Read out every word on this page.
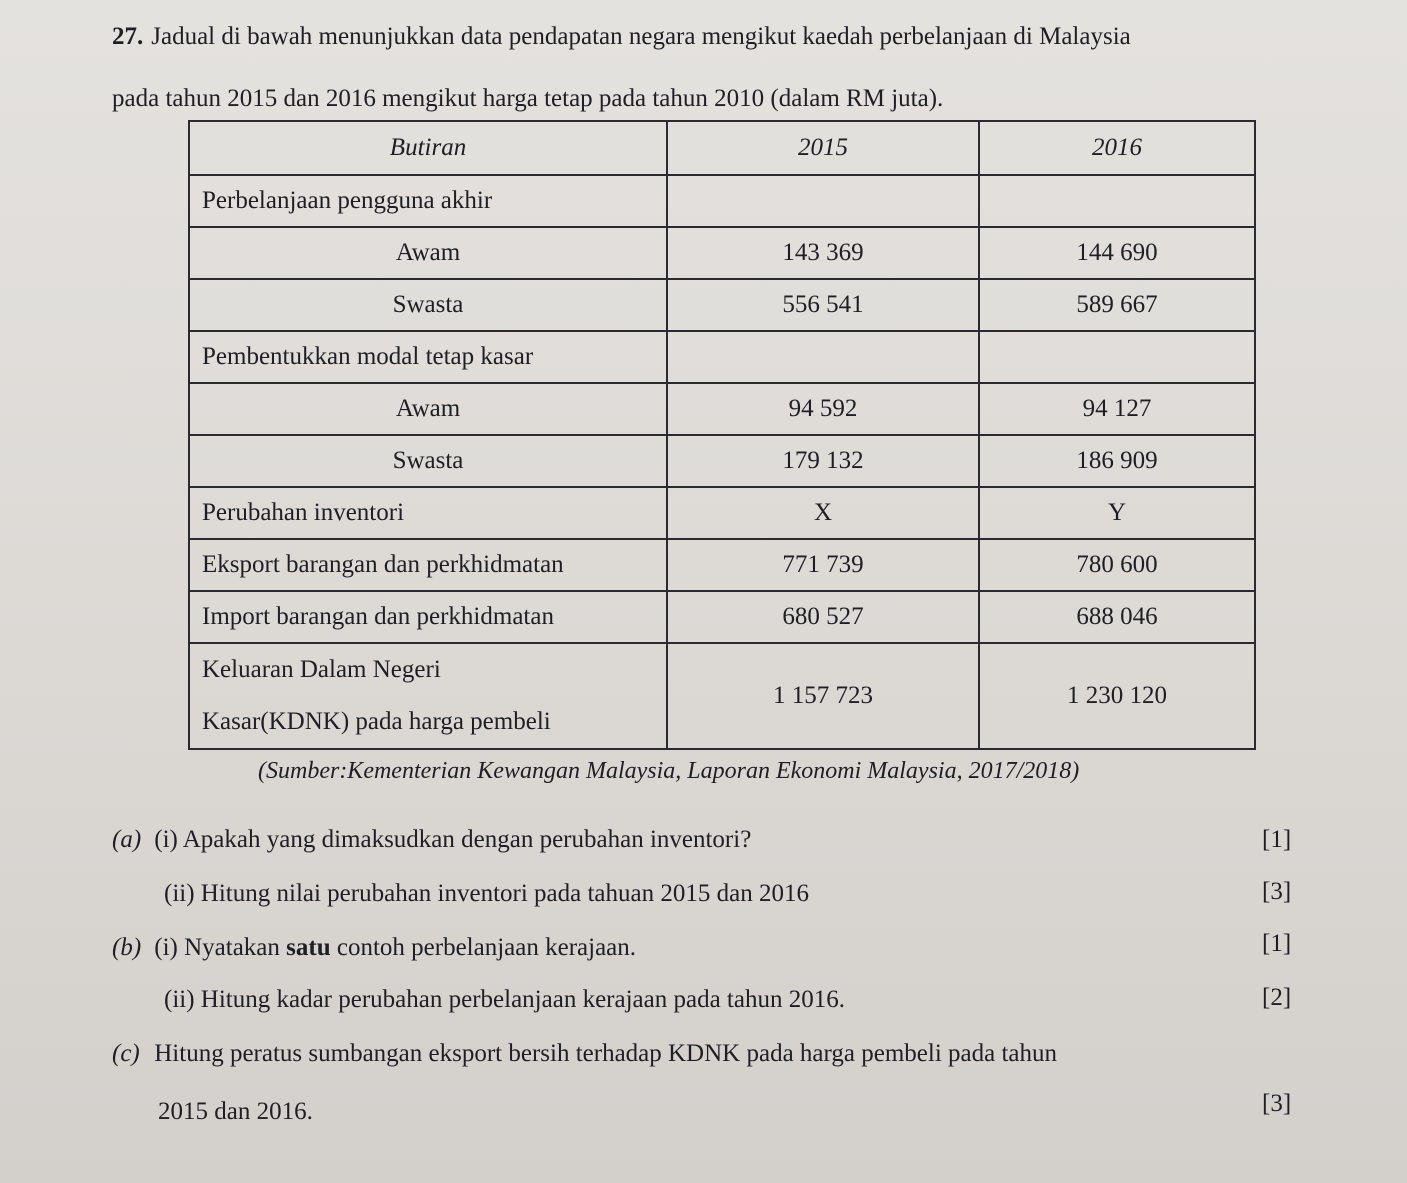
27. Jadual di bawah menunjukkan data pendapatan negara mengikut kaedah perbelanjaan di Malaysia
pada tahun 2015 dan 2016 mengikut harga tetap pada tahun 2010 (dalam RM juta).
Butiran	2015	2016
Perbelanjaan pengguna akhir		
Awam	143 369	144 690
Swasta	556 541	589 667
Pembentukkan modal tetap kasar		
Awam	94 592	94 127
Swasta	179 132	186 909
Perubahan inventori	X	Y
Eksport barangan dan perkhidmatan	771 739	780 600
Import barangan dan perkhidmatan	680 527	688 046
Keluaran Dalam Negeri
Kasar(KDNK) pada harga pembeli	1 157 723	1 230 120
(Sumber:Kementerian Kewangan Malaysia, Laporan Ekonomi Malaysia, 2017/2018)
(a) (i) Apakah yang dimaksudkan dengan perubahan inventori?	[1]
(ii) Hitung nilai perubahan inventori pada tahuan 2015 dan 2016	[3]
(b) (i) Nyatakan satu contoh perbelanjaan kerajaan.	[1]
(ii) Hitung kadar perubahan perbelanjaan kerajaan pada tahun 2016.	[2]
(c) Hitung peratus sumbangan eksport bersih terhadap KDNK pada harga pembeli pada tahun
2015 dan 2016.	[3]
